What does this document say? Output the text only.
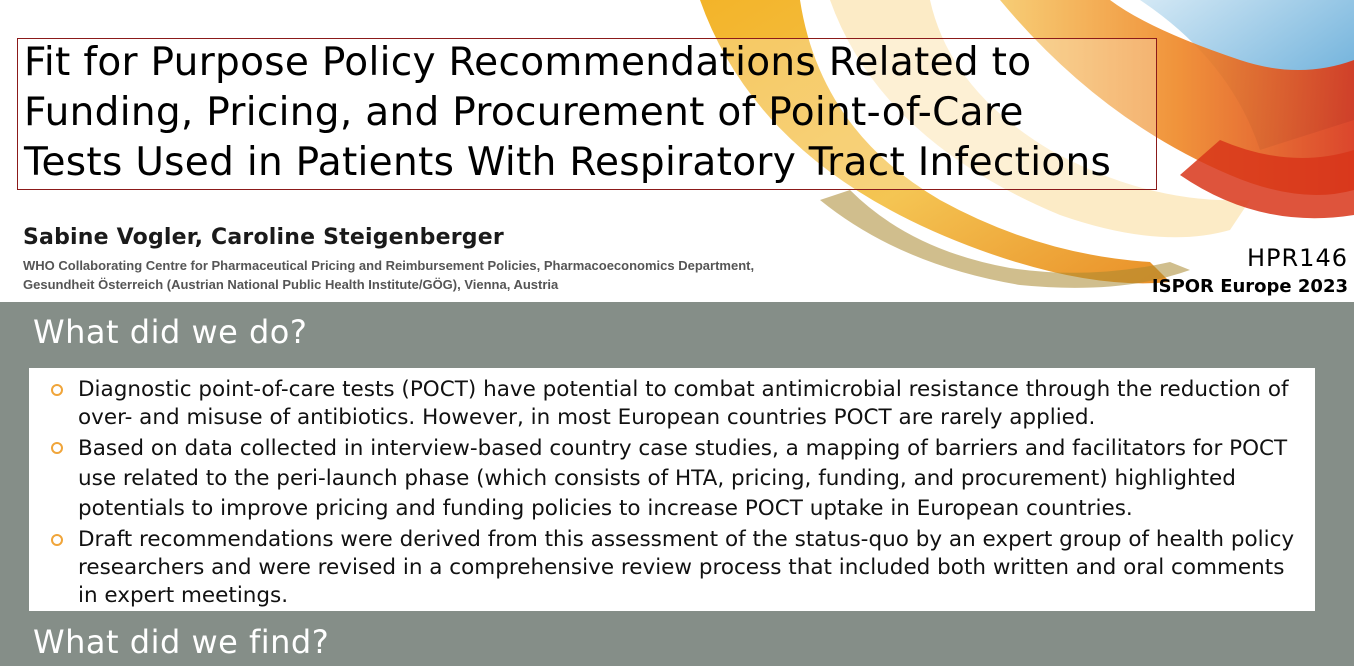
Fit for Purpose Policy Recommendations Related to
Funding, Pricing, and Procurement of Point-of-Care
Tests Used in Patients With Respiratory Tract Infections
Sabine Vogler, Caroline Steigenberger
WHO Collaborating Centre for Pharmaceutical Pricing and Reimbursement Policies, Pharmacoeconomics Department,
Gesundheit Österreich (Austrian National Public Health Institute/GÖG), Vienna, Austria
HPR146
ISPOR Europe 2023
What did we do?
Diagnostic point-of-care tests (POCT) have potential to combat antimicrobial resistance through the reduction of over- and misuse of antibiotics. However, in most European countries POCT are rarely applied.
Based on data collected in interview-based country case studies, a mapping of barriers and facilitators for POCT use related to the peri-launch phase (which consists of HTA, pricing, funding, and procurement) highlighted potentials to improve pricing and funding policies to increase POCT uptake in European countries.
Draft recommendations were derived from this assessment of the status-quo by an expert group of health policy researchers and were revised in a comprehensive review process that included both written and oral comments in expert meetings.
What did we find?
